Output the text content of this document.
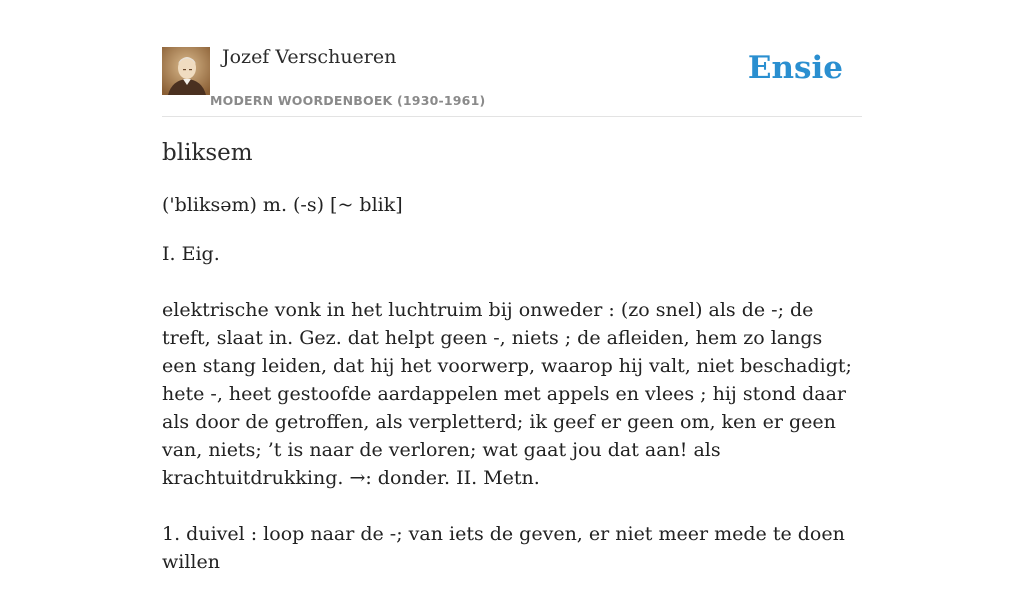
Jozef Verschueren
MODERN WOORDENBOEK (1930-1961)
Ensie
bliksem
('bliksəm) m. (-s) [~ blik]

I. Eig.

elektrische vonk in het luchtruim bij onweder : (zo snel) als de -; de treft, slaat in. Gez. dat helpt geen -, niets ; de afleiden, hem zo langs een stang leiden, dat hij het voorwerp, waarop hij valt, niet beschadigt; hete -, heet gestoofde aardappelen met appels en vlees ; hij stond daar als door de getroffen, als verpletterd; ik geef er geen om, ken er geen van, niets; ’t is naar de verloren; wat gaat jou dat aan! als krachtuitdrukking. →: donder. II. Metn.

1. duivel : loop naar de -; van iets de geven, er niet meer mede te doen willen
